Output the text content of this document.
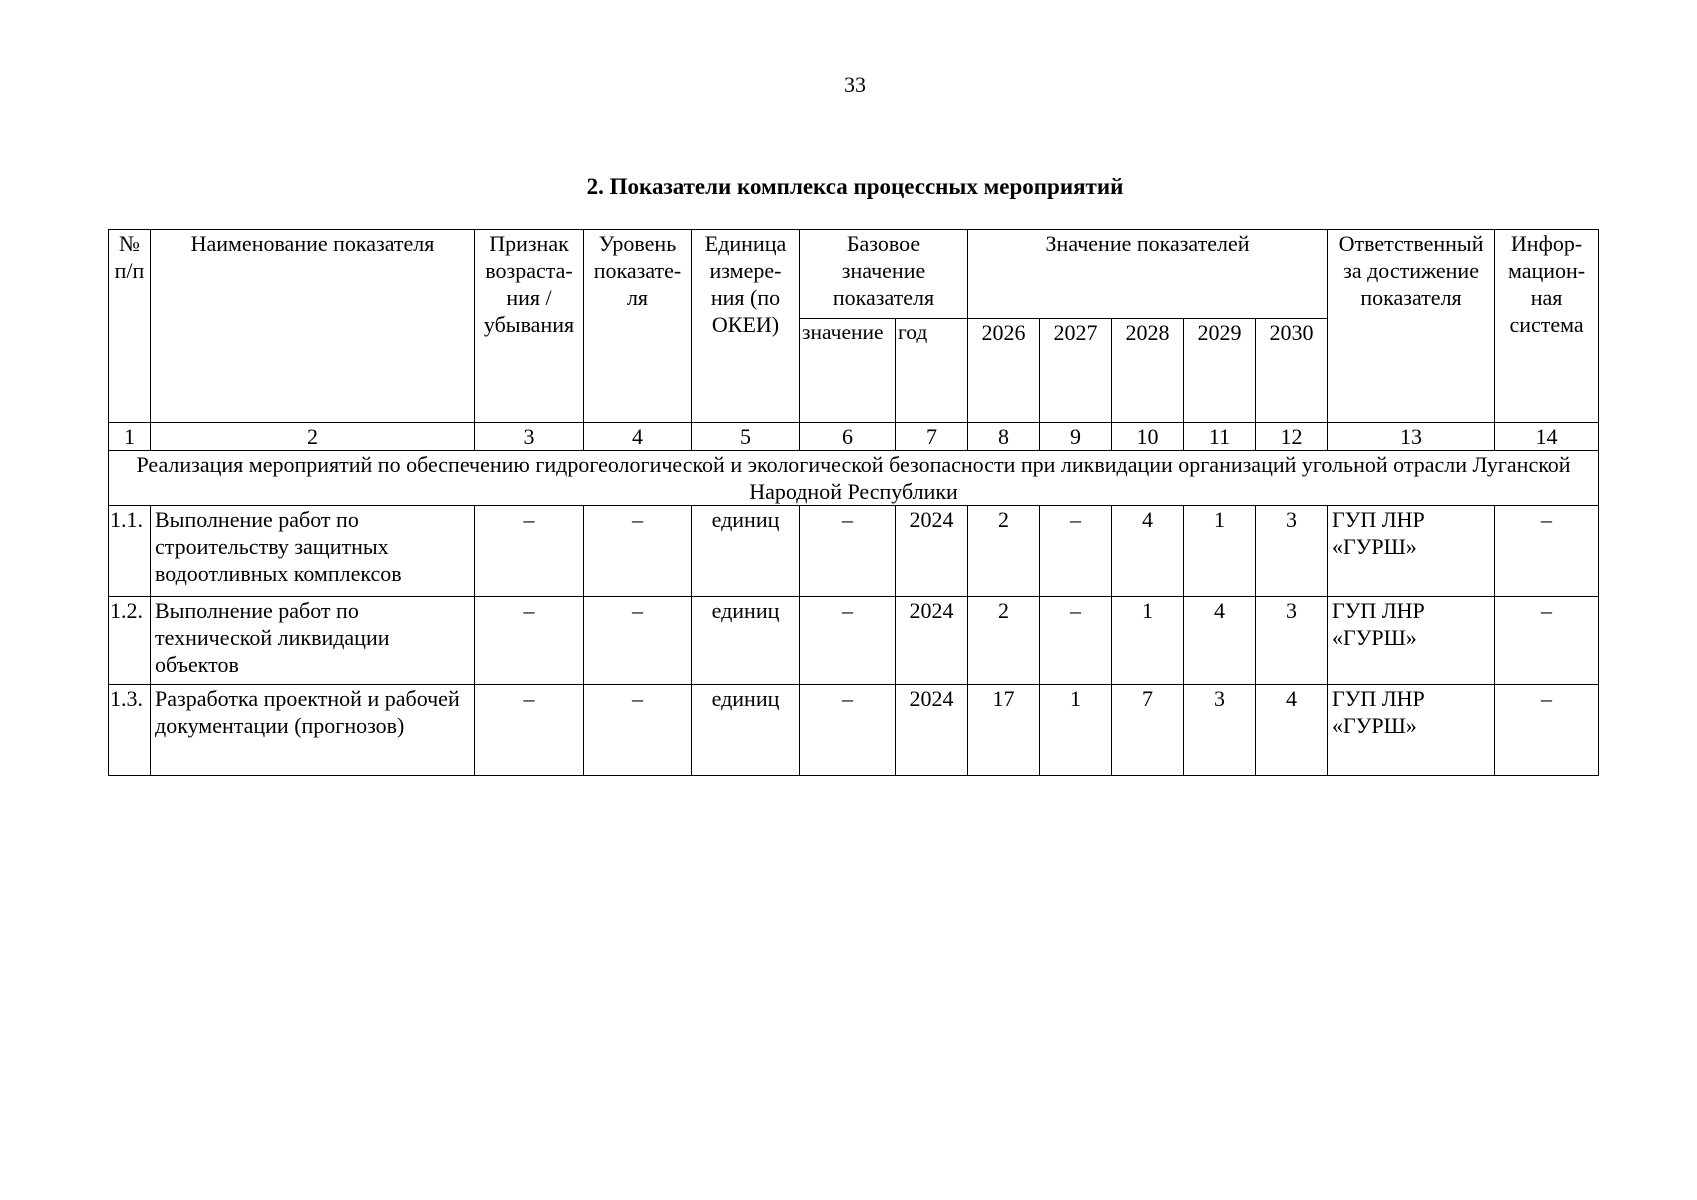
33
2. Показатели комплекса процессных мероприятий
№ п/п	Наименование показателя	Признак возраста-ния / убывания	Уровень показате-ля	Единица измере-ния (по ОКЕИ)	Базовое значение показателя		Значение показателей					Ответственный за достижение показателя	Инфор-мацион-ная система
					значение	год	2026	2027	2028	2029	2030		
1	2	3	4	5	6	7	8	9	10	11	12	13	14
Реализация мероприятий по обеспечению гидрогеологической и экологической безопасности при ликвидации организаций угольной отрасли Луганской Народной Республики													
1.1.	Выполнение работ по строительству защитных водоотливных комплексов	–	–	единиц	–	2024	2	–	4	1	3	ГУП ЛНР «ГУРШ»	–
1.2.	Выполнение работ по технической ликвидации объектов	–	–	единиц	–	2024	2	–	1	4	3	ГУП ЛНР «ГУРШ»	–
1.3.	Разработка проектной и рабочей документации (прогнозов)	–	–	единиц	–	2024	17	1	7	3	4	ГУП ЛНР «ГУРШ»	–
